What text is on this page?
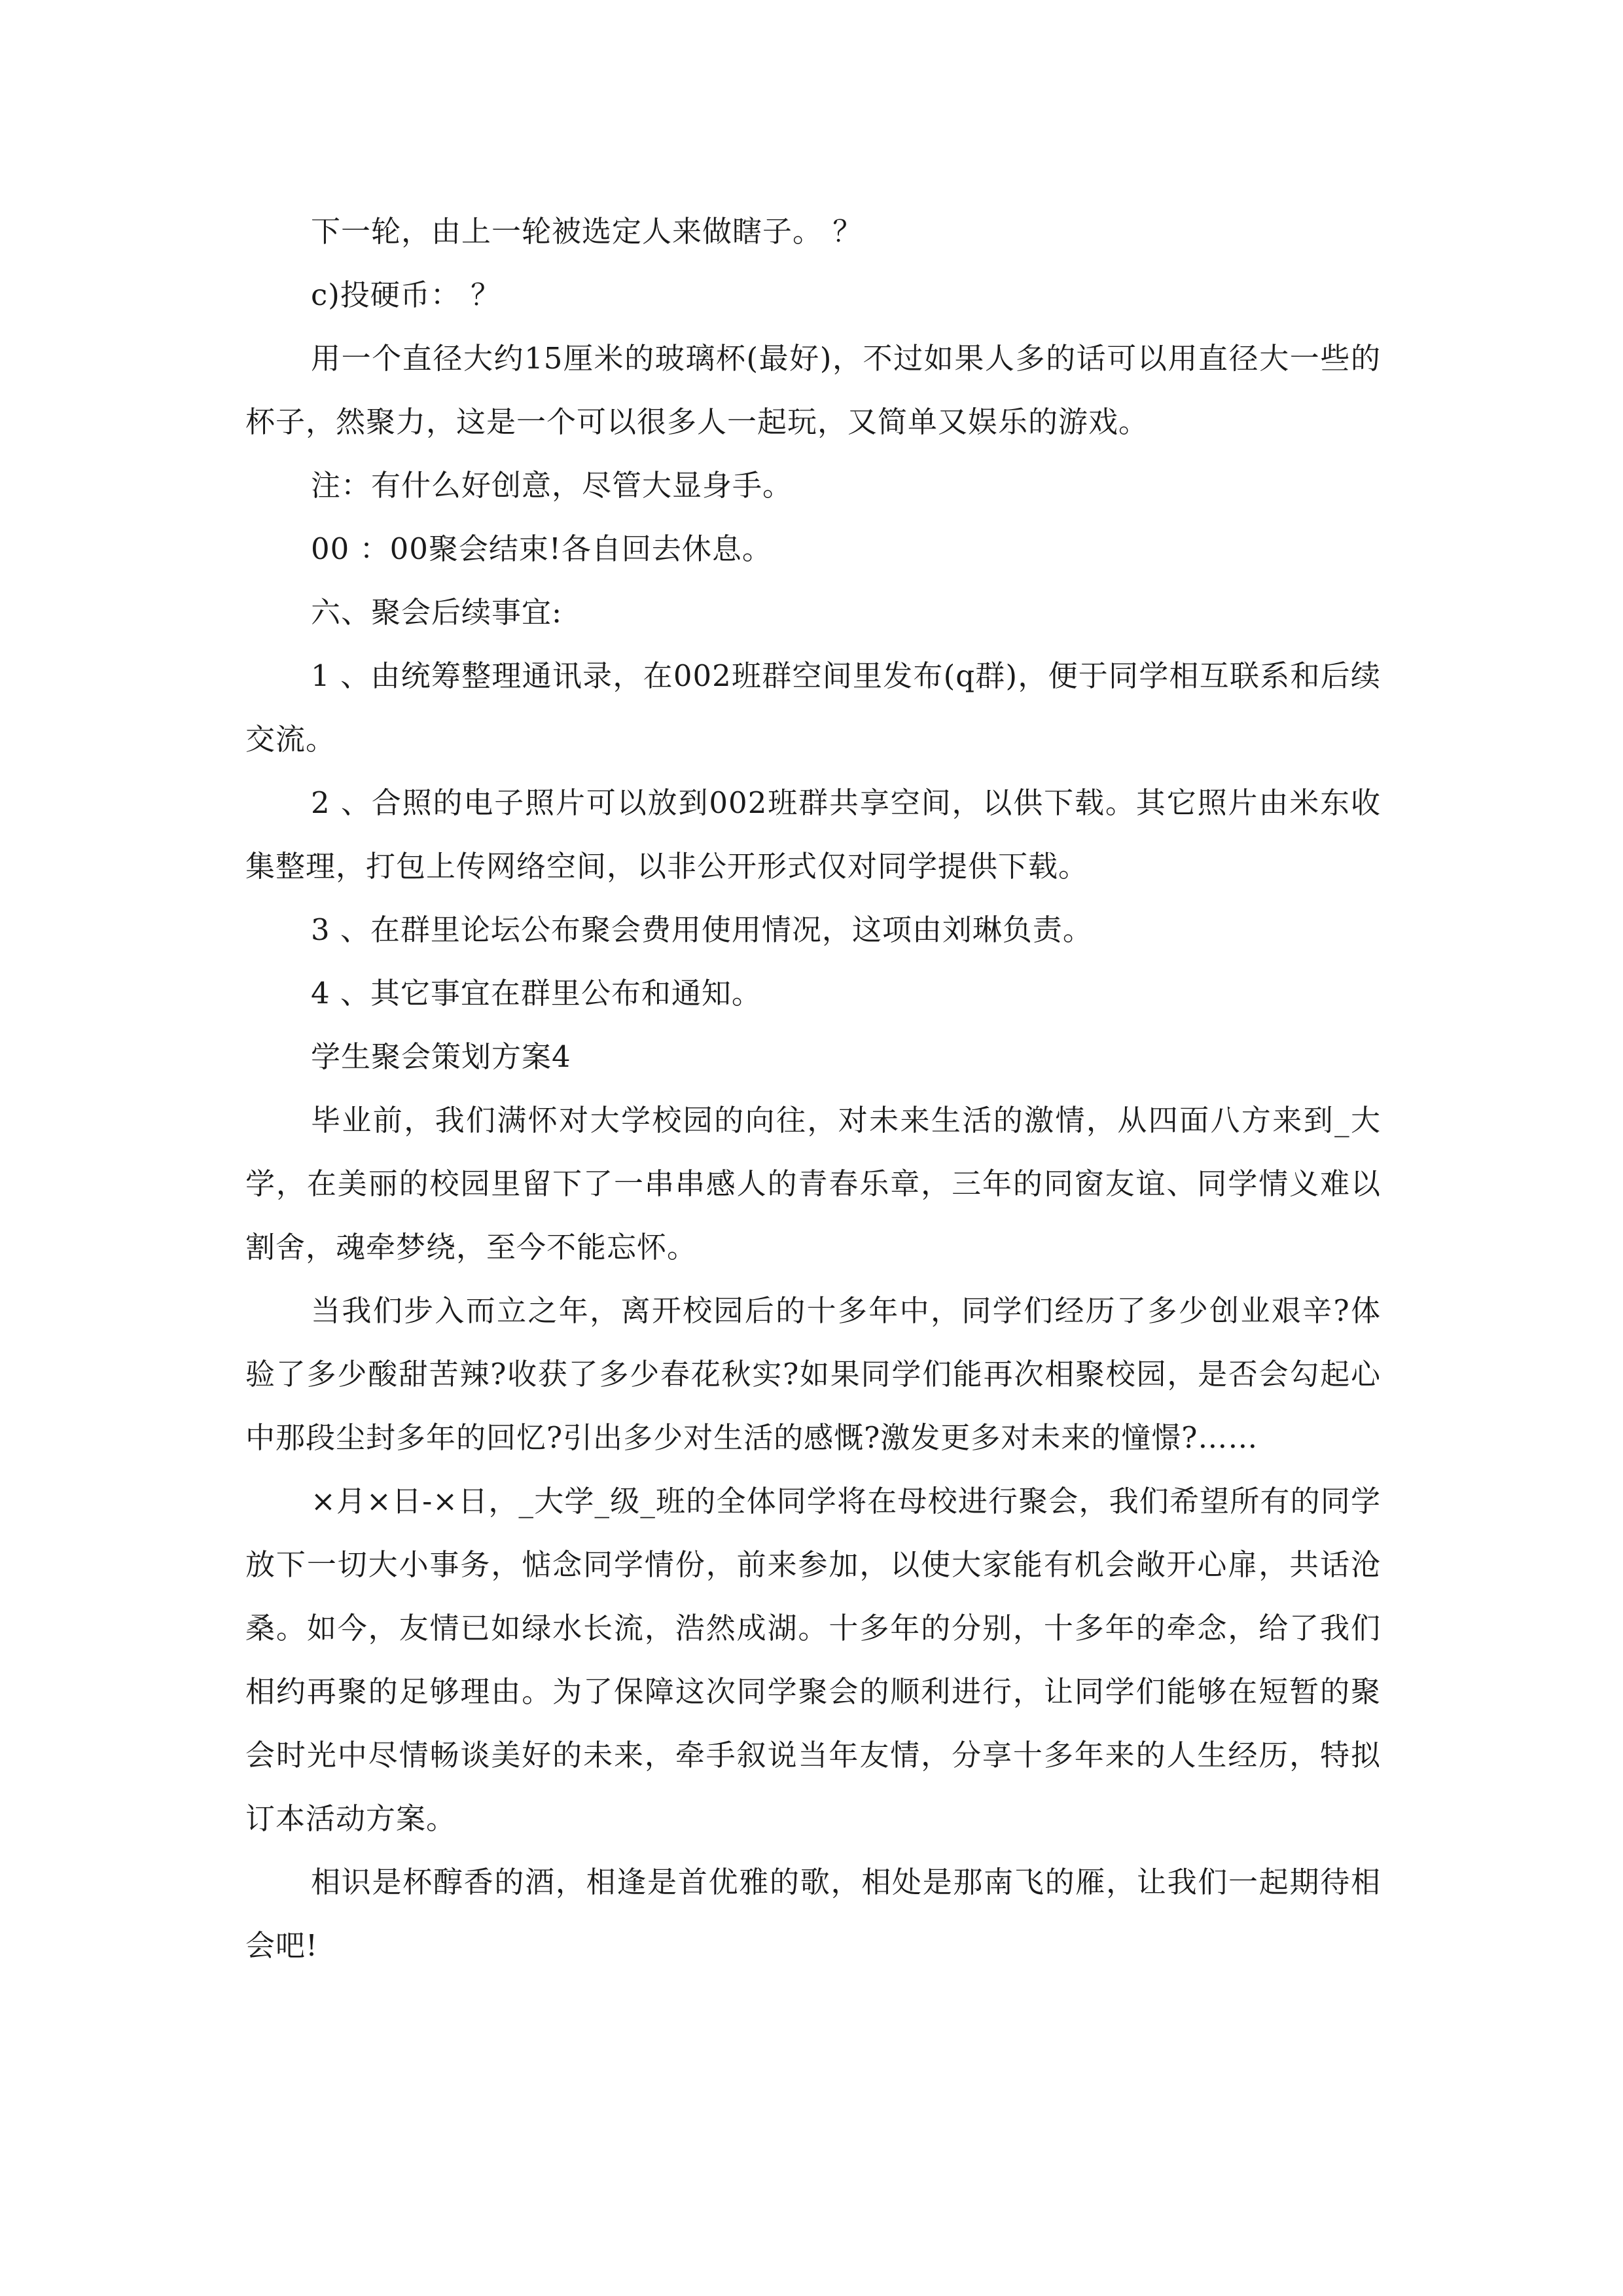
下一轮，由上一轮被选定人来做瞎子。 ？

c)投硬币： ？

用一个直径大约15厘米的玻璃杯(最好)，不过如果人多的话可以用直径大一些的杯子，然聚力，这是一个可以很多人一起玩，又简单又娱乐的游戏。

注：有什么好创意，尽管大显身手。

00 ：00聚会结束!各自回去休息。

六、聚会后续事宜:

1 、由统筹整理通讯录，在002班群空间里发布(q群)，便于同学相互联系和后续交流。

2 、合照的电子照片可以放到002班群共享空间，以供下载。其它照片由米东收集整理，打包上传网络空间，以非公开形式仅对同学提供下载。

3 、在群里论坛公布聚会费用使用情况，这项由刘琳负责。

4 、其它事宜在群里公布和通知。

学生聚会策划方案4

毕业前，我们满怀对大学校园的向往，对未来生活的激情，从四面八方来到_大学，在美丽的校园里留下了一串串感人的青春乐章，三年的同窗友谊、同学情义难以割舍，魂牵梦绕，至今不能忘怀。

当我们步入而立之年，离开校园后的十多年中，同学们经历了多少创业艰辛?体验了多少酸甜苦辣?收获了多少春花秋实?如果同学们能再次相聚校园，是否会勾起心中那段尘封多年的回忆?引出多少对生活的感慨?激发更多对未来的憧憬?……

×月×日-×日，_大学_级_班的全体同学将在母校进行聚会，我们希望所有的同学放下一切大小事务，惦念同学情份，前来参加，以使大家能有机会敞开心扉，共话沧桑。如今，友情已如绿水长流，浩然成湖。十多年的分别，十多年的牵念，给了我们相约再聚的足够理由。为了保障这次同学聚会的顺利进行，让同学们能够在短暂的聚会时光中尽情畅谈美好的未来，牵手叙说当年友情，分享十多年来的人生经历，特拟订本活动方案。

相识是杯醇香的酒，相逢是首优雅的歌，相处是那南飞的雁，让我们一起期待相会吧!
